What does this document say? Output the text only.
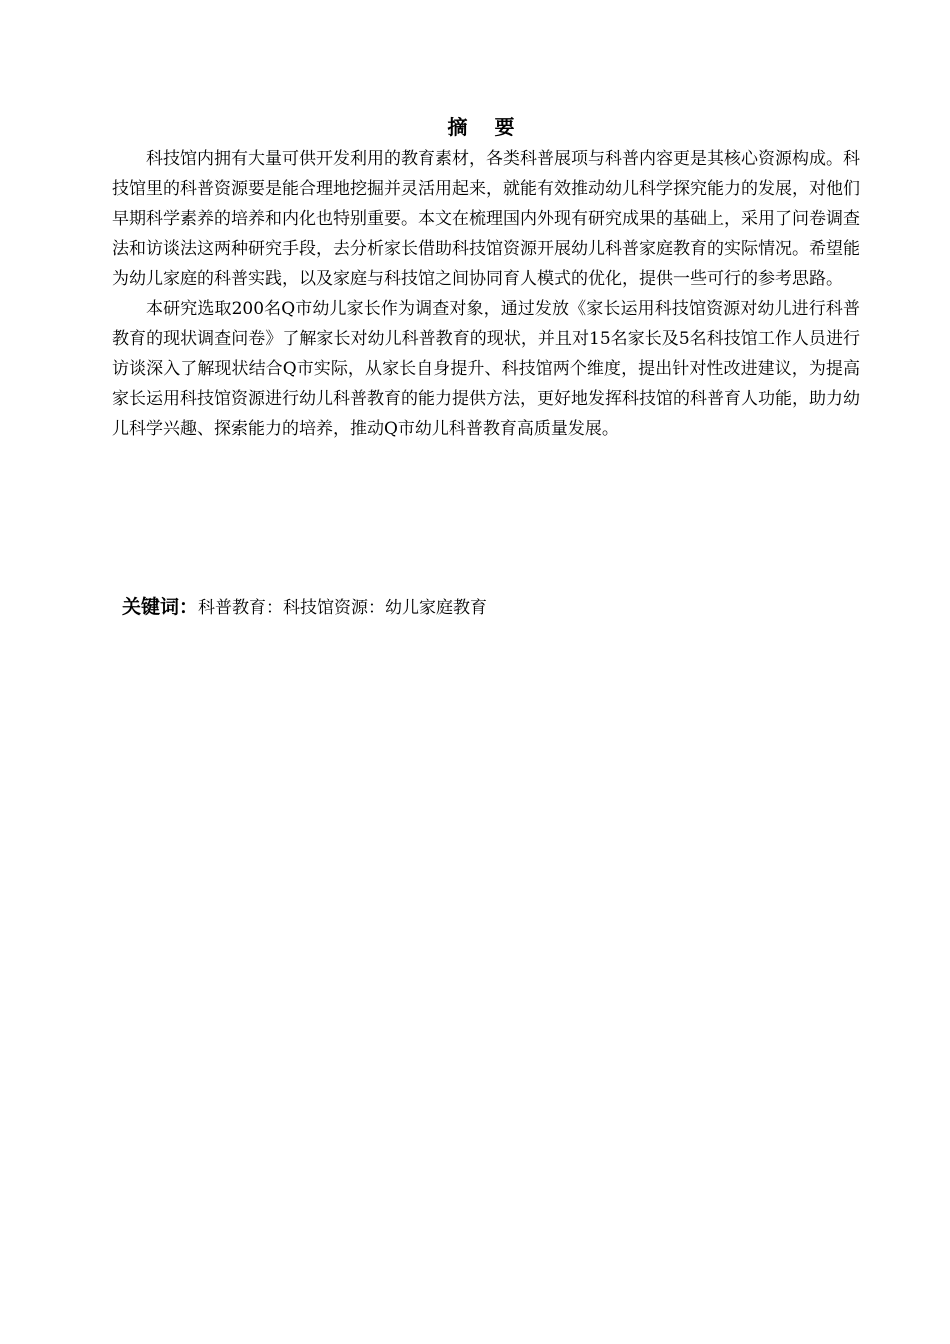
摘 要

科技馆内拥有大量可供开发利用的教育素材，各类科普展项与科普内容更是其核心资源构成。科技馆里的科普资源要是能合理地挖掘并灵活用起来，就能有效推动幼儿科学探究能力的发展，对他们早期科学素养的培养和内化也特别重要。本文在梳理国内外现有研究成果的基础上，采用了问卷调查法和访谈法这两种研究手段，去分析家长借助科技馆资源开展幼儿科普家庭教育的实际情况。希望能为幼儿家庭的科普实践，以及家庭与科技馆之间协同育人模式的优化，提供一些可行的参考思路。

本研究选取200名Q市幼儿家长作为调查对象，通过发放《家长运用科技馆资源对幼儿进行科普教育的现状调查问卷》了解家长对幼儿科普教育的现状，并且对15名家长及5名科技馆工作人员进行访谈深入了解现状结合Q市实际，从家长自身提升、科技馆两个维度，提出针对性改进建议，为提高家长运用科技馆资源进行幼儿科普教育的能力提供方法，更好地发挥科技馆的科普育人功能，助力幼儿科学兴趣、探索能力的培养，推动Q市幼儿科普教育高质量发展。

关键词：科普教育：科技馆资源：幼儿家庭教育
